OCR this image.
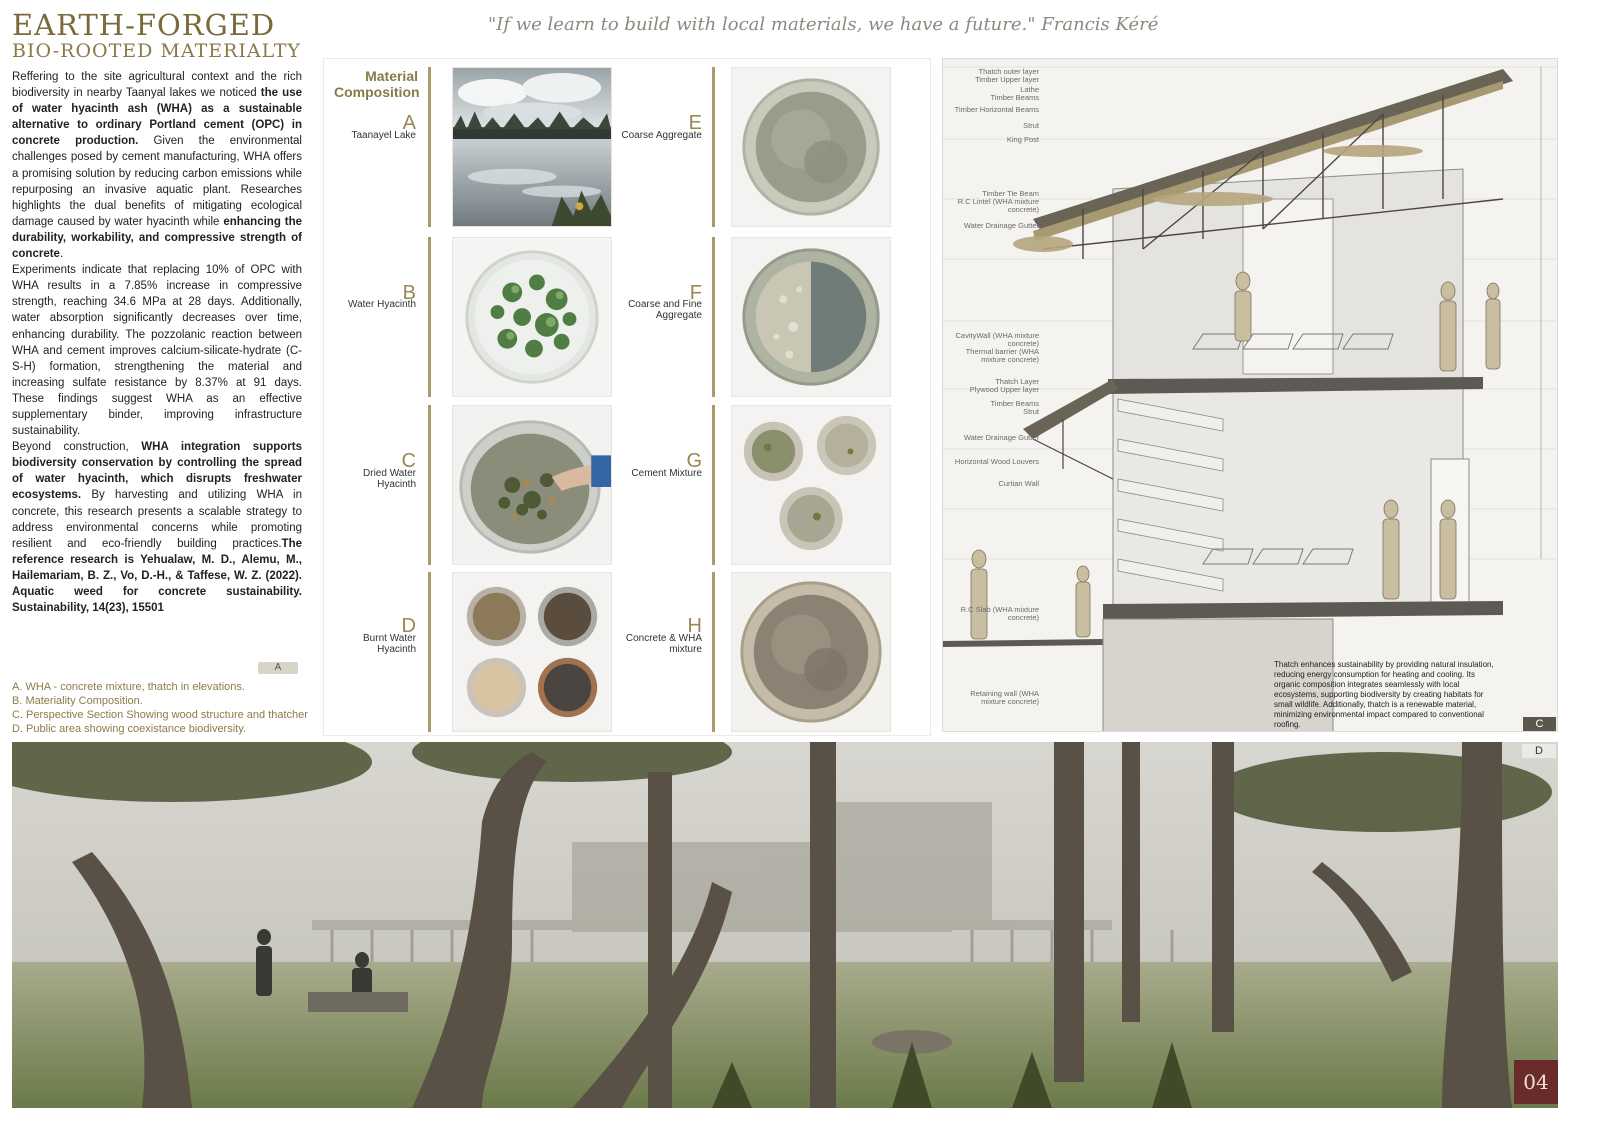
EARTH-FORGED
BIO-ROOTED MATERIALTY
"If we learn to build with local materials, we have a future." Francis Kéré

Reffering to the site agricultural context and the rich biodiversity in nearby Taanyal lakes we noticed the use of water hyacinth ash (WHA) as a sustainable alternative to ordinary Portland cement (OPC) in concrete production. Given the environmental challenges posed by cement manufacturing, WHA offers a promising solution by reducing carbon emissions while repurposing an invasive aquatic plant. Researches highlights the dual benefits of mitigating ecological damage caused by water hyacinth while enhancing the durability, workability, and compressive strength of concrete.

Experiments indicate that replacing 10% of OPC with WHA results in a 7.85% increase in compressive strength, reaching 34.6 MPa at 28 days. Additionally, water absorption significantly decreases over time, enhancing durability. The pozzolanic reaction between WHA and cement improves calcium-silicate-hydrate (C-S-H) formation, strengthening the material and increasing sulfate resistance by 8.37% at 91 days. These findings suggest WHA as an effective supplementary binder, improving infrastructure sustainability.

Beyond construction, WHA integration supports biodiversity conservation by controlling the spread of water hyacinth, which disrupts freshwater ecosystems. By harvesting and utilizing WHA in concrete, this research presents a scalable strategy to address environmental concerns while promoting resilient and eco-friendly building practices.The reference research is Yehualaw, M. D., Alemu, M., Hailemariam, B. Z., Vo, D.-H., & Taffese, W. Z. (2022). Aquatic weed for concrete sustainability. Sustainability, 14(23), 15501

A
A. WHA - concrete mixture, thatch in elevations.
B. Materiality Composition.
C. Perspective Section Showing wood structure and thatcher
D. Public area showing coexistance biodiversity.
Material Composition
A
Taanayel Lake
B
Water Hyacinth
C
Dried Water Hyacinth
D
Burnt Water Hyacinth
E
Coarse Aggregate
F
Coarse and Fine Aggregate
G
Cement Mixture
H
Concrete & WHA mixture
Thatch outer layer
Timber Upper layer
Lathe
Timber Beams
Timber Horizontal Beams
Strut
King Post
Timber Tie Beam
R.C Lintel (WHA mixture concrete)
Water Drainage Gutter
CavityWall (WHA mixture concrete)
Thermal barrier (WHA mixture concrete)
Thatch Layer
Plywood Upper layer
Timber Beams
Strut
Water Drainage Gutter
Horizontal Wood Louvers
Curtian Wall
R.C Slab (WHA mixture concrete)
Retaining wall (WHA mixture concrete)
Thatch enhances sustainability by providing natural insulation, reducing energy consumption for heating and cooling. Its organic composition integrates seamlessly with local ecosystems, supporting biodiversity by creating habitats for small wildlife. Additionally, thatch is a renewable material, minimizing environmental impact compared to conventional roofing.	C
D
04
